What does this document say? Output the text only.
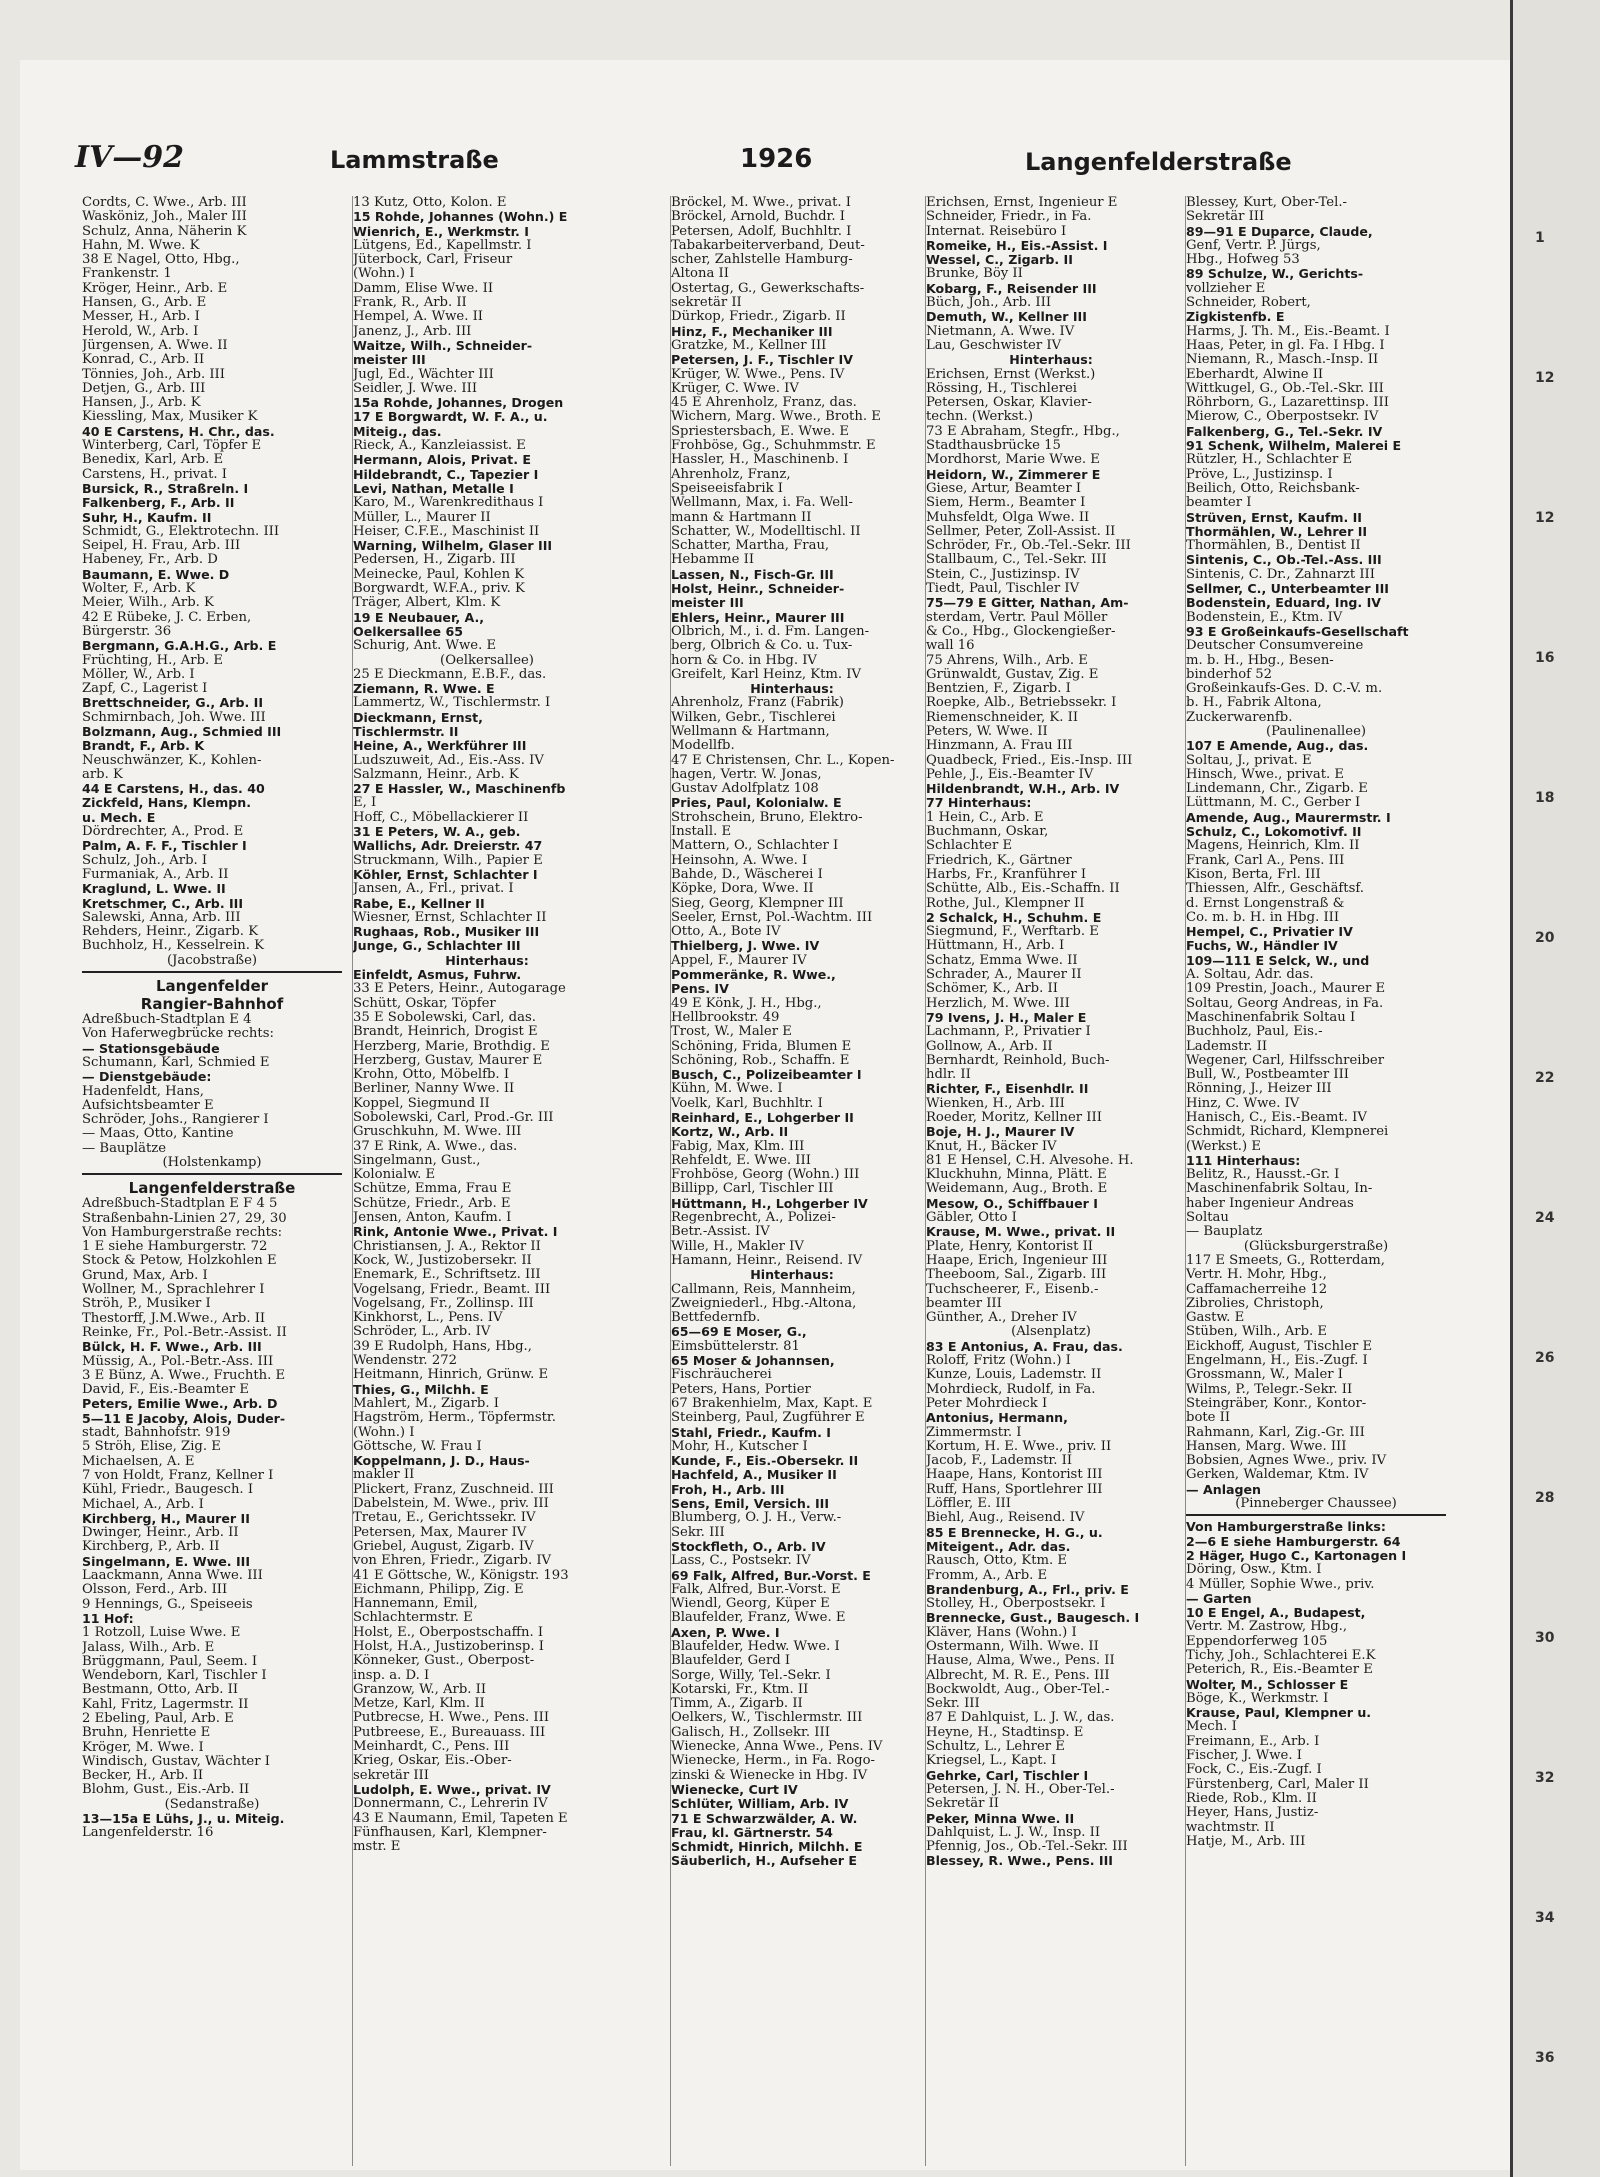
IV—92	Lammstraße	1926	Langenfelderstraße
Cordts, C. Wwe., Arb. III
Wasköniz, Joh., Maler III
Schulz, Anna, Näherin K
Hahn, M. Wwe. K
38 E Nagel, Otto, Hbg.,
Frankenstr. 1
Kröger, Heinr., Arb. E
Hansen, G., Arb. E
Messer, H., Arb. I
Herold, W., Arb. I
Jürgensen, A. Wwe. II
Konrad, C., Arb. II
Tönnies, Joh., Arb. III
Detjen, G., Arb. III
Hansen, J., Arb. K
Kiessling, Max, Musiker K
40 E Carstens, H. Chr., das.
Winterberg, Carl, Töpfer E
Benedix, Karl, Arb. E
Carstens, H., privat. I
Bursick, R., Straßreln. I
Falkenberg, F., Arb. II
Suhr, H., Kaufm. II
Schmidt, G., Elektrotechn. III
Seipel, H. Frau, Arb. III
Habeney, Fr., Arb. D
Baumann, E. Wwe. D
Wolter, F., Arb. K
Meier, Wilh., Arb. K
42 E Rübeke, J. C. Erben,
Bürgerstr. 36
Bergmann, G.A.H.G., Arb. E
Früchting, H., Arb. E
Möller, W., Arb. I
Zapf, C., Lagerist I
Brettschneider, G., Arb. II
Schmirnbach, Joh. Wwe. III
Bolzmann, Aug., Schmied III
Brandt, F., Arb. K
Neuschwänzer, K., Kohlen-
arb. K
44 E Carstens, H., das. 40
Zickfeld, Hans, Klempn.
u. Mech. E
Dördrechter, A., Prod. E
Palm, A. F. F., Tischler I
Schulz, Joh., Arb. I
Furmaniak, A., Arb. II
Kraglund, L. Wwe. II
Kretschmer, C., Arb. III
Salewski, Anna, Arb. III
Rehders, Heinr., Zigarb. K
Buchholz, H., Kesselrein. K
(Jacobstraße)
Langenfelder
Rangier-Bahnhof
Adreßbuch-Stadtplan E 4
Von Haferwegbrücke rechts:
— Stationsgebäude
Schumann, Karl, Schmied E
— Dienstgebäude:
Hadenfeldt, Hans,
Aufsichtsbeamter E
Schröder, Johs., Rangierer I
— Maas, Otto, Kantine
— Bauplätze
(Holstenkamp)
Langenfelderstraße
Adreßbuch-Stadtplan E F 4 5
Straßenbahn-Linien 27, 29, 30
Von Hamburgerstraße rechts:
1 E siehe Hamburgerstr. 72
Stock & Petow, Holzkohlen E
Grund, Max, Arb. I
Wollner, M., Sprachlehrer I
Ströh, P., Musiker I
Thestorff, J.M.Wwe., Arb. II
Reinke, Fr., Pol.-Betr.-Assist. II
Bülck, H. F. Wwe., Arb. III
Müssig, A., Pol.-Betr.-Ass. III
3 E Bünz, A. Wwe., Fruchth. E
David, F., Eis.-Beamter E
Peters, Emilie Wwe., Arb. D
5—11 E Jacoby, Alois, Duder-
stadt, Bahnhofstr. 919
5 Ströh, Elise, Zig. E
Michaelsen, A. E
7 von Holdt, Franz, Kellner I
Kühl, Friedr., Baugesch. I
Michael, A., Arb. I
Kirchberg, H., Maurer II
Dwinger, Heinr., Arb. II
Kirchberg, P., Arb. II
Singelmann, E. Wwe. III
Laackmann, Anna Wwe. III
Olsson, Ferd., Arb. III
9 Hennings, G., Speiseeis
11 Hof:
1 Rotzoll, Luise Wwe. E
Jalass, Wilh., Arb. E
Brüggmann, Paul, Seem. I
Wendeborn, Karl, Tischler I
Bestmann, Otto, Arb. II
Kahl, Fritz, Lagermstr. II
2 Ebeling, Paul, Arb. E
Bruhn, Henriette E
Kröger, M. Wwe. I
Windisch, Gustav, Wächter I
Becker, H., Arb. II
Blohm, Gust., Eis.-Arb. II
(Sedanstraße)
13—15a E Lühs, J., u. Miteig.
Langenfelderstr. 16
13 Kutz, Otto, Kolon. E
15 Rohde, Johannes (Wohn.) E
Wienrich, E., Werkmstr. I
Lütgens, Ed., Kapellmstr. I
Jüterbock, Carl, Friseur
(Wohn.) I
Damm, Elise Wwe. II
Frank, R., Arb. II
Hempel, A. Wwe. II
Janenz, J., Arb. III
Waitze, Wilh., Schneider-
meister III
Jugl, Ed., Wächter III
Seidler, J. Wwe. III
15a Rohde, Johannes, Drogen
17 E Borgwardt, W. F. A., u.
Miteig., das.
Rieck, A., Kanzleiassist. E
Hermann, Alois, Privat. E
Hildebrandt, C., Tapezier I
Levi, Nathan, Metalle I
Karo, M., Warenkredithaus I
Müller, L., Maurer II
Heiser, C.F.E., Maschinist II
Warning, Wilhelm, Glaser III
Pedersen, H., Zigarb. III
Meinecke, Paul, Kohlen K
Borgwardt, W.F.A., priv. K
Träger, Albert, Klm. K
19 E Neubauer, A.,
Oelkersallee 65
Schurig, Ant. Wwe. E
(Oelkersallee)
25 E Dieckmann, E.B.F., das.
Ziemann, R. Wwe. E
Lammertz, W., Tischlermstr. I
Dieckmann, Ernst,
Tischlermstr. II
Heine, A., Werkführer III
Ludszuweit, Ad., Eis.-Ass. IV
Salzmann, Heinr., Arb. K
27 E Hassler, W., Maschinenfb
E, I
Hoff, C., Möbellackierer II
31 E Peters, W. A., geb.
Wallichs, Adr. Dreierstr. 47
Struckmann, Wilh., Papier E
Köhler, Ernst, Schlachter I
Jansen, A., Frl., privat. I
Rabe, E., Kellner II
Wiesner, Ernst, Schlachter II
Rughaas, Rob., Musiker III
Junge, G., Schlachter III
Hinterhaus:
Einfeldt, Asmus, Fuhrw.
33 E Peters, Heinr., Autogarage
Schütt, Oskar, Töpfer
35 E Sobolewski, Carl, das.
Brandt, Heinrich, Drogist E
Herzberg, Marie, Brothdig. E
Herzberg, Gustav, Maurer E
Krohn, Otto, Möbelfb. I
Berliner, Nanny Wwe. II
Koppel, Siegmund II
Sobolewski, Carl, Prod.-Gr. III
Gruschkuhn, M. Wwe. III
37 E Rink, A. Wwe., das.
Singelmann, Gust.,
Kolonialw. E
Schütze, Emma, Frau E
Schütze, Friedr., Arb. E
Jensen, Anton, Kaufm. I
Rink, Antonie Wwe., Privat. I
Christiansen, J. A., Rektor II
Kock, W., Justizobersekr. II
Enemark, E., Schriftsetz. III
Vogelsang, Friedr., Beamt. III
Vogelsang, Fr., Zollinsp. III
Kinkhorst, L., Pens. IV
Schröder, L., Arb. IV
39 E Rudolph, Hans, Hbg.,
Wendenstr. 272
Heitmann, Hinrich, Grünw. E
Thies, G., Milchh. E
Mahlert, M., Zigarb. I
Hagström, Herm., Töpfermstr.
(Wohn.) I
Göttsche, W. Frau I
Koppelmann, J. D., Haus-
makler II
Plickert, Franz, Zuschneid. III
Dabelstein, M. Wwe., priv. III
Tretau, E., Gerichtssekr. IV
Petersen, Max, Maurer IV
Griebel, August, Zigarb. IV
von Ehren, Friedr., Zigarb. IV
41 E Göttsche, W., Königstr. 193
Eichmann, Philipp, Zig. E
Hannemann, Emil,
Schlachtermstr. E
Holst, E., Oberpostschaffn. I
Holst, H.A., Justizoberinsp. I
Könneker, Gust., Oberpost-
insp. a. D. I
Granzow, W., Arb. II
Metze, Karl, Klm. II
Putbrecse, H. Wwe., Pens. III
Putbreese, E., Bureauass. III
Meinhardt, C., Pens. III
Krieg, Oskar, Eis.-Ober-
sekretär III
Ludolph, E. Wwe., privat. IV
Donnermann, C., Lehrerin IV
43 E Naumann, Emil, Tapeten E
Fünfhausen, Karl, Klempner-
mstr. E
Bröckel, M. Wwe., privat. I
Bröckel, Arnold, Buchdr. I
Petersen, Adolf, Buchhltr. I
Tabakarbeiterverband, Deut-
scher, Zahlstelle Hamburg-
Altona II
Ostertag, G., Gewerkschafts-
sekretär II
Dürkop, Friedr., Zigarb. II
Hinz, F., Mechaniker III
Gratzke, M., Kellner III
Petersen, J. F., Tischler IV
Krüger, W. Wwe., Pens. IV
Krüger, C. Wwe. IV
45 E Ahrenholz, Franz, das.
Wichern, Marg. Wwe., Broth. E
Spriestersbach, E. Wwe. E
Frohböse, Gg., Schuhmmstr. E
Hassler, H., Maschinenb. I
Ahrenholz, Franz,
Speiseeisfabrik I
Wellmann, Max, i. Fa. Well-
mann & Hartmann II
Schatter, W., Modelltischl. II
Schatter, Martha, Frau,
Hebamme II
Lassen, N., Fisch-Gr. III
Holst, Heinr., Schneider-
meister III
Ehlers, Heinr., Maurer III
Olbrich, M., i. d. Fm. Langen-
berg, Olbrich & Co. u. Tux-
horn & Co. in Hbg. IV
Greifelt, Karl Heinz, Ktm. IV
Hinterhaus:
Ahrenholz, Franz (Fabrik)
Wilken, Gebr., Tischlerei
Wellmann & Hartmann,
Modellfb.
47 E Christensen, Chr. L., Kopen-
hagen, Vertr. W. Jonas,
Gustav Adolfplatz 108
Pries, Paul, Kolonialw. E
Strohschein, Bruno, Elektro-
Install. E
Mattern, O., Schlachter I
Heinsohn, A. Wwe. I
Bahde, D., Wäscherei I
Köpke, Dora, Wwe. II
Sieg, Georg, Klempner III
Seeler, Ernst, Pol.-Wachtm. III
Otto, A., Bote IV
Thielberg, J. Wwe. IV
Appel, F., Maurer IV
Pommeränke, R. Wwe.,
Pens. IV
49 E Könk, J. H., Hbg.,
Hellbrookstr. 49
Trost, W., Maler E
Schöning, Frida, Blumen E
Schöning, Rob., Schaffn. E
Busch, C., Polizeibeamter I
Kühn, M. Wwe. I
Voelk, Karl, Buchhltr. I
Reinhard, E., Lohgerber II
Kortz, W., Arb. II
Fabig, Max, Klm. III
Rehfeldt, E. Wwe. III
Frohböse, Georg (Wohn.) III
Billipp, Carl, Tischler III
Hüttmann, H., Lohgerber IV
Regenbrecht, A., Polizei-
Betr.-Assist. IV
Wille, H., Makler IV
Hamann, Heinr., Reisend. IV
Hinterhaus:
Callmann, Reis, Mannheim,
Zweigniederl., Hbg.-Altona,
Bettfedernfb.
65—69 E Moser, G.,
Eimsbüttelerstr. 81
65 Moser & Johannsen,
Fischräucherei
Peters, Hans, Portier
67 Brakenhielm, Max, Kapt. E
Steinberg, Paul, Zugführer E
Stahl, Friedr., Kaufm. I
Mohr, H., Kutscher I
Kunde, F., Eis.-Obersekr. II
Hachfeld, A., Musiker II
Froh, H., Arb. III
Sens, Emil, Versich. III
Blumberg, O. J. H., Verw.-
Sekr. III
Stockfleth, O., Arb. IV
Lass, C., Postsekr. IV
69 Falk, Alfred, Bur.-Vorst. E
Falk, Alfred, Bur.-Vorst. E
Wiendl, Georg, Küper E
Blaufelder, Franz, Wwe. E
Axen, P. Wwe. I
Blaufelder, Hedw. Wwe. I
Blaufelder, Gerd I
Sorge, Willy, Tel.-Sekr. I
Kotarski, Fr., Ktm. II
Timm, A., Zigarb. II
Oelkers, W., Tischlermstr. III
Galisch, H., Zollsekr. III
Wienecke, Anna Wwe., Pens. IV
Wienecke, Herm., in Fa. Rogo-
zinski & Wienecke in Hbg. IV
Wienecke, Curt IV
Schlüter, William, Arb. IV
71 E Schwarzwälder, A. W.
Frau, kl. Gärtnerstr. 54
Schmidt, Hinrich, Milchh. E
Säuberlich, H., Aufseher E
Erichsen, Ernst, Ingenieur E
Schneider, Friedr., in Fa.
Internat. Reisebüro I
Romeike, H., Eis.-Assist. I
Wessel, C., Zigarb. II
Brunke, Böy II
Kobarg, F., Reisender III
Büch, Joh., Arb. III
Demuth, W., Kellner III
Nietmann, A. Wwe. IV
Lau, Geschwister IV
Hinterhaus:
Erichsen, Ernst (Werkst.)
Rössing, H., Tischlerei
Petersen, Oskar, Klavier-
techn. (Werkst.)
73 E Abraham, Stegfr., Hbg.,
Stadthausbrücke 15
Mordhorst, Marie Wwe. E
Heidorn, W., Zimmerer E
Giese, Artur, Beamter I
Siem, Herm., Beamter I
Muhsfeldt, Olga Wwe. II
Sellmer, Peter, Zoll-Assist. II
Schröder, Fr., Ob.-Tel.-Sekr. III
Stallbaum, C., Tel.-Sekr. III
Stein, C., Justizinsp. IV
Tiedt, Paul, Tischler IV
75—79 E Gitter, Nathan, Am-
sterdam, Vertr. Paul Möller
& Co., Hbg., Glockengießer-
wall 16
75 Ahrens, Wilh., Arb. E
Grünwaldt, Gustav, Zig. E
Bentzien, F., Zigarb. I
Roepke, Alb., Betriebssekr. I
Riemenschneider, K. II
Peters, W. Wwe. II
Hinzmann, A. Frau III
Quadbeck, Fried., Eis.-Insp. III
Pehle, J., Eis.-Beamter IV
Hildenbrandt, W.H., Arb. IV
77 Hinterhaus:
1 Hein, C., Arb. E
Buchmann, Oskar,
Schlachter E
Friedrich, K., Gärtner
Harbs, Fr., Kranführer I
Schütte, Alb., Eis.-Schaffn. II
Rothe, Jul., Klempner II
2 Schalck, H., Schuhm. E
Siegmund, F., Werftarb. E
Hüttmann, H., Arb. I
Schatz, Emma Wwe. II
Schrader, A., Maurer II
Schömer, K., Arb. II
Herzlich, M. Wwe. III
79 Ivens, J. H., Maler E
Lachmann, P., Privatier I
Gollnow, A., Arb. II
Bernhardt, Reinhold, Buch-
hdlr. II
Richter, F., Eisenhdlr. II
Wienken, H., Arb. III
Roeder, Moritz, Kellner III
Boje, H. J., Maurer IV
Knut, H., Bäcker IV
81 E Hensel, C.H. Alvesohe. H.
Kluckhuhn, Minna, Plätt. E
Weidemann, Aug., Broth. E
Mesow, O., Schiffbauer I
Gäbler, Otto I
Krause, M. Wwe., privat. II
Plate, Henry, Kontorist II
Haape, Erich, Ingenieur III
Theeboom, Sal., Zigarb. III
Tuchscheerer, F., Eisenb.-
beamter III
Günther, A., Dreher IV
(Alsenplatz)
83 E Antonius, A. Frau, das.
Roloff, Fritz (Wohn.) I
Kunze, Louis, Lademstr. II
Mohrdieck, Rudolf, in Fa.
Peter Mohrdieck I
Antonius, Hermann,
Zimmermstr. I
Kortum, H. E. Wwe., priv. II
Jacob, F., Lademstr. II
Haape, Hans, Kontorist III
Ruff, Hans, Sportlehrer III
Löffler, E. III
Biehl, Aug., Reisend. IV
85 E Brennecke, H. G., u.
Miteigent., Adr. das.
Rausch, Otto, Ktm. E
Fromm, A., Arb. E
Brandenburg, A., Frl., priv. E
Stolley, H., Oberpostsekr. I
Brennecke, Gust., Baugesch. I
Kläver, Hans (Wohn.) I
Ostermann, Wilh. Wwe. II
Hause, Alma, Wwe., Pens. II
Albrecht, M. R. E., Pens. III
Bockwoldt, Aug., Ober-Tel.-
Sekr. III
87 E Dahlquist, L. J. W., das.
Heyne, H., Stadtinsp. E
Schultz, L., Lehrer E
Kriegsel, L., Kapt. I
Gehrke, Carl, Tischler I
Petersen, J. N. H., Ober-Tel.-
Sekretär II
Peker, Minna Wwe. II
Dahlquist, L. J. W., Insp. II
Pfennig, Jos., Ob.-Tel.-Sekr. III
Blessey, R. Wwe., Pens. III
Blessey, Kurt, Ober-Tel.-
Sekretär III
89—91 E Duparce, Claude,
Genf, Vertr. P. Jürgs,
Hbg., Hofweg 53
89 Schulze, W., Gerichts-
vollzieher E
Schneider, Robert,
Zigkistenfb. E
Harms, J. Th. M., Eis.-Beamt. I
Haas, Peter, in gl. Fa. I Hbg. I
Niemann, R., Masch.-Insp. II
Eberhardt, Alwine II
Wittkugel, G., Ob.-Tel.-Skr. III
Röhrborn, G., Lazarettinsp. III
Mierow, C., Oberpostsekr. IV
Falkenberg, G., Tel.-Sekr. IV
91 Schenk, Wilhelm, Malerei E
Rützler, H., Schlachter E
Pröve, L., Justizinsp. I
Beilich, Otto, Reichsbank-
beamter I
Strüven, Ernst, Kaufm. II
Thormählen, W., Lehrer II
Thormählen, B., Dentist II
Sintenis, C., Ob.-Tel.-Ass. III
Sintenis, C. Dr., Zahnarzt III
Sellmer, C., Unterbeamter III
Bodenstein, Eduard, Ing. IV
Bodenstein, E., Ktm. IV
93 E Großeinkaufs-Gesellschaft
Deutscher Consumvereine
m. b. H., Hbg., Besen-
binderhof 52
Großeinkaufs-Ges. D. C.-V. m.
b. H., Fabrik Altona,
Zuckerwarenfb.
(Paulinenallee)
107 E Amende, Aug., das.
Soltau, J., privat. E
Hinsch, Wwe., privat. E
Lindemann, Chr., Zigarb. E
Lüttmann, M. C., Gerber I
Amende, Aug., Maurermstr. I
Schulz, C., Lokomotivf. II
Magens, Heinrich, Klm. II
Frank, Carl A., Pens. III
Kison, Berta, Frl. III
Thiessen, Alfr., Geschäftsf.
d. Ernst Longenstraß &
Co. m. b. H. in Hbg. III
Hempel, C., Privatier IV
Fuchs, W., Händler IV
109—111 E Selck, W., und
A. Soltau, Adr. das.
109 Prestin, Joach., Maurer E
Soltau, Georg Andreas, in Fa.
Maschinenfabrik Soltau I
Buchholz, Paul, Eis.-
Lademstr. II
Wegener, Carl, Hilfsschreiber
Bull, W., Postbeamter III
Rönning, J., Heizer III
Hinz, C. Wwe. IV
Hanisch, C., Eis.-Beamt. IV
Schmidt, Richard, Klempnerei
(Werkst.) E
111 Hinterhaus:
Belitz, R., Hausst.-Gr. I
Maschinenfabrik Soltau, In-
haber Ingenieur Andreas
Soltau
— Bauplatz
(Glücksburgerstraße)
117 E Smeets, G., Rotterdam,
Vertr. H. Mohr, Hbg.,
Caffamacherreihe 12
Zibrolies, Christoph,
Gastw. E
Stüben, Wilh., Arb. E
Eickhoff, August, Tischler E
Engelmann, H., Eis.-Zugf. I
Grossmann, W., Maler I
Wilms, P., Telegr.-Sekr. II
Steingräber, Konr., Kontor-
bote II
Rahmann, Karl, Zig.-Gr. III
Hansen, Marg. Wwe. III
Bobsien, Agnes Wwe., priv. IV
Gerken, Waldemar, Ktm. IV
— Anlagen
(Pinneberger Chaussee)
Von Hamburgerstraße links:
2—6 E siehe Hamburgerstr. 64
2 Häger, Hugo C., Kartonagen I
Döring, Osw., Ktm. I
4 Müller, Sophie Wwe., priv.
— Garten
10 E Engel, A., Budapest,
Vertr. M. Zastrow, Hbg.,
Eppendorferweg 105
Tichy, Joh., Schlachterei E.K
Peterich, R., Eis.-Beamter E
Wolter, M., Schlosser E
Böge, K., Werkmstr. I
Krause, Paul, Klempner u.
Mech. I
Freimann, E., Arb. I
Fischer, J. Wwe. I
Fock, C., Eis.-Zugf. I
Fürstenberg, Carl, Maler II
Riede, Rob., Klm. II
Heyer, Hans, Justiz-
wachtmstr. II
Hatje, M., Arb. III
1
12
12
16
18
20
22
24
26
28
30
32
34
36
